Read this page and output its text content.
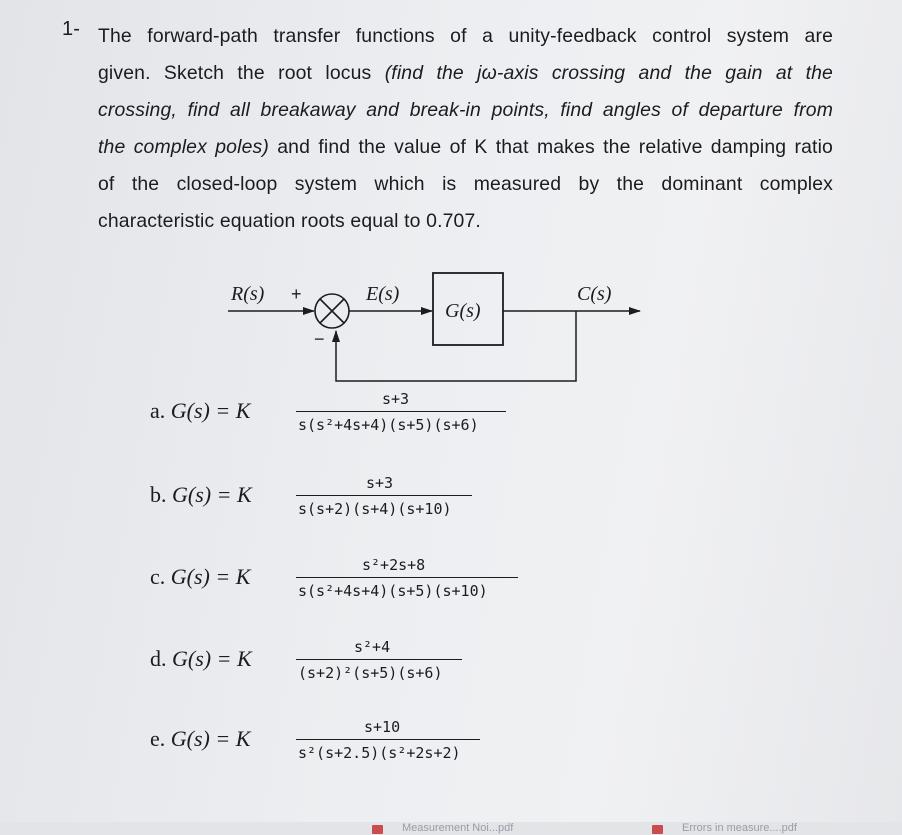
1- The forward-path transfer functions of a unity-feedback control system are
given. Sketch the root locus (find the jω-axis crossing and the gain at the
crossing, find all breakaway and break-in points, find angles of departure from
the complex poles) and find the value of K that makes the relative damping ratio
of the closed-loop system which is measured by the dominant complex
characteristic equation roots equal to 0.707.
R(s) +
−
E(s)
G(s)
C(s)
a. G(s) = K	s+3
s(s²+4s+4)(s+5)(s+6)
b. G(s) = K	s+3
s(s+2)(s+4)(s+10)
c. G(s) = K	s²+2s+8
s(s²+4s+4)(s+5)(s+10)
d. G(s) = K	s²+4
(s+2)²(s+5)(s+6)
e. G(s) = K	s+10
s²(s+2.5)(s²+2s+2)
Measurement Noi...pdf	Errors in measure....pdf
